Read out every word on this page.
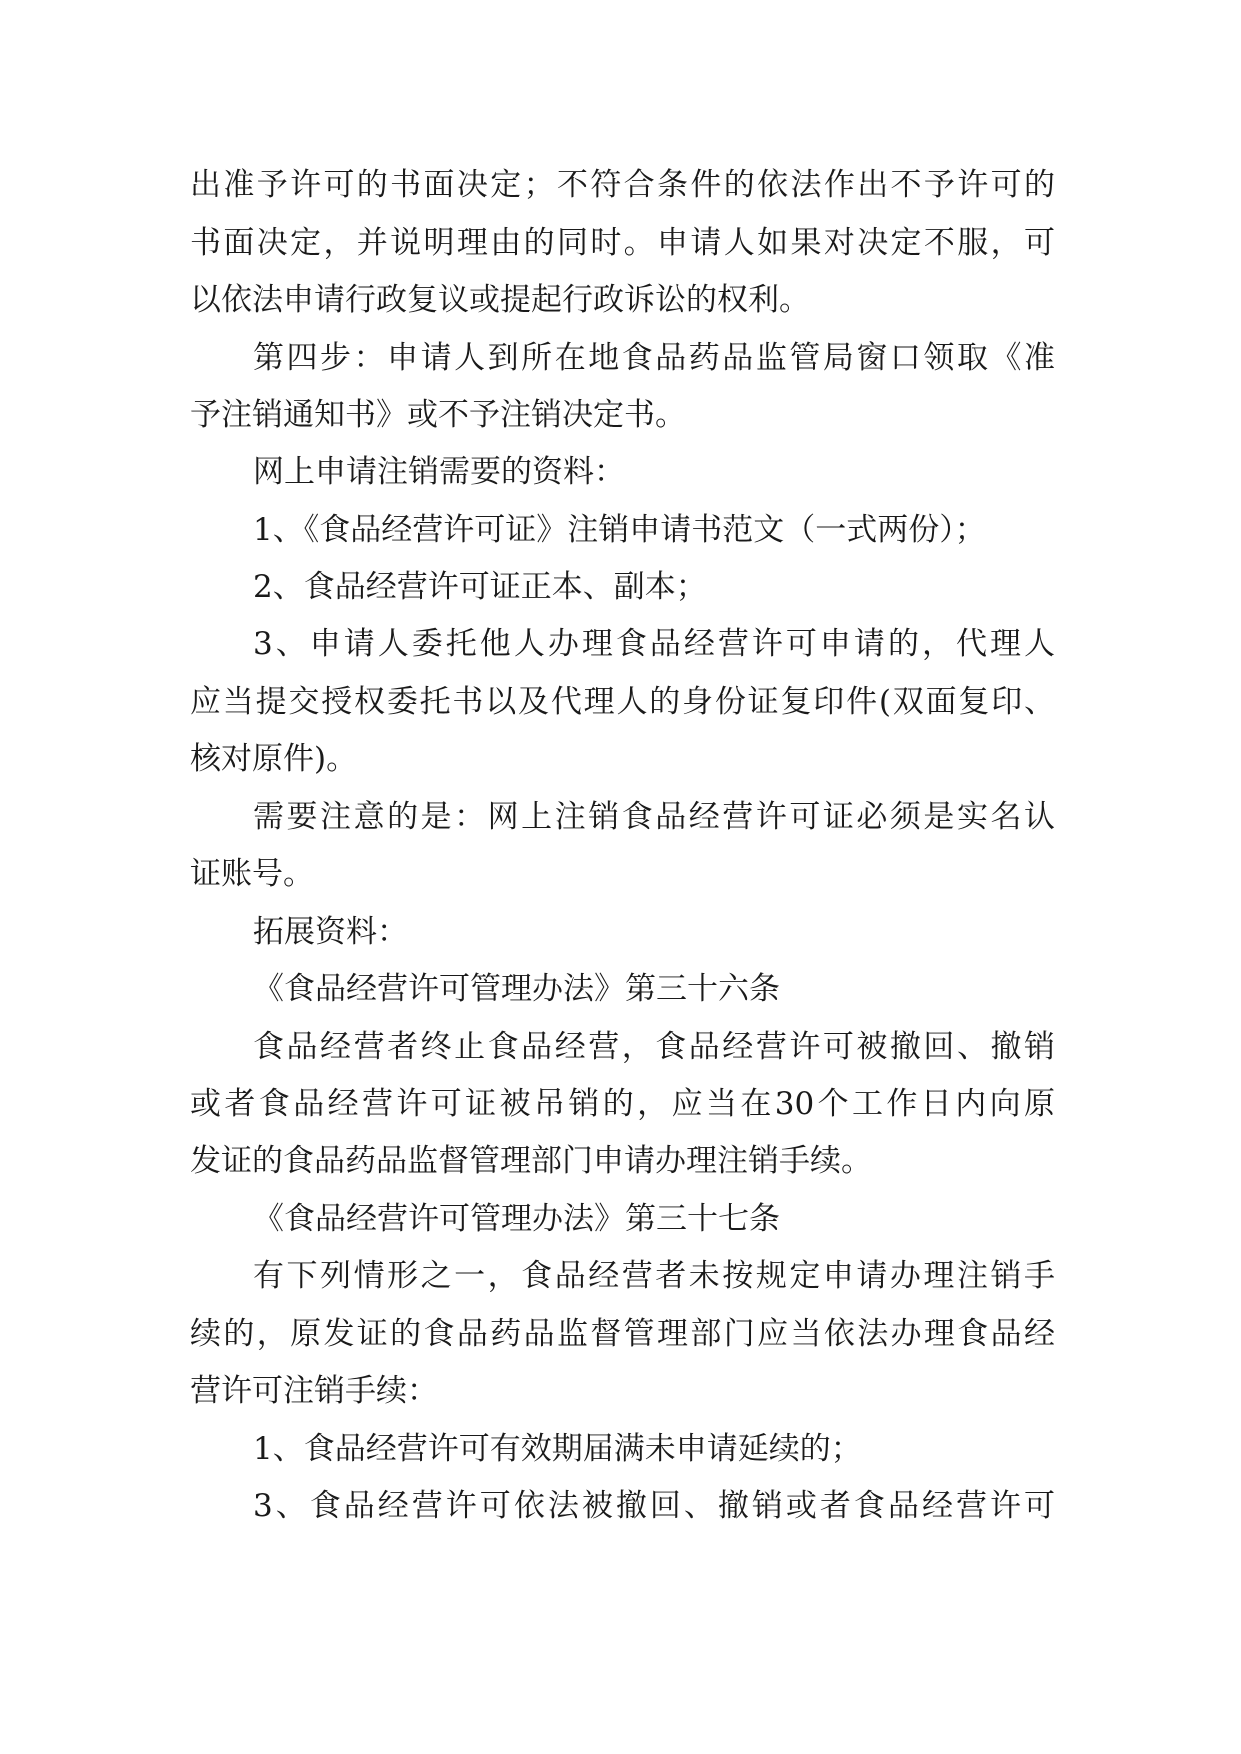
出准予许可的书面决定；不符合条件的依法作出不予许可的
书面决定，并说明理由的同时。申请人如果对决定不服，可
以依法申请行政复议或提起行政诉讼的权利。
第四步：申请人到所在地食品药品监管局窗口领取《准
予注销通知书》或不予注销决定书。
网上申请注销需要的资料：
1、《食品经营许可证》注销申请书范文（一式两份）；
2、食品经营许可证正本、副本；
3、申请人委托他人办理食品经营许可申请的，代理人
应当提交授权委托书以及代理人的身份证复印件(双面复印、
核对原件)。
需要注意的是：网上注销食品经营许可证必须是实名认
证账号。
拓展资料：
《食品经营许可管理办法》第三十六条
食品经营者终止食品经营，食品经营许可被撤回、撤销
或者食品经营许可证被吊销的，应当在30个工作日内向原
发证的食品药品监督管理部门申请办理注销手续。
《食品经营许可管理办法》第三十七条
有下列情形之一，食品经营者未按规定申请办理注销手
续的，原发证的食品药品监督管理部门应当依法办理食品经
营许可注销手续：
1、食品经营许可有效期届满未申请延续的；
3、食品经营许可依法被撤回、撤销或者食品经营许可
